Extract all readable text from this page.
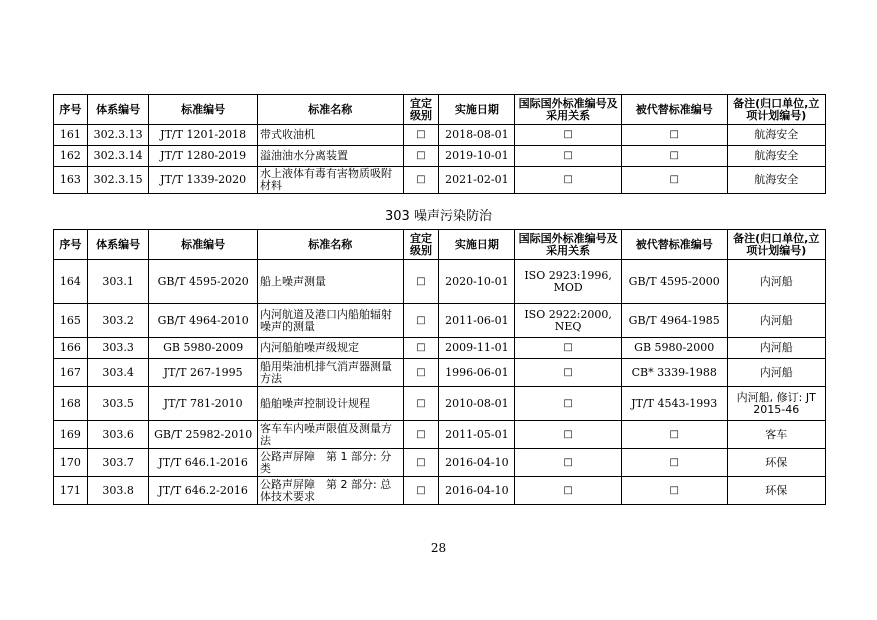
序号	体系编号	标准编号	标准名称	宜定级别	实施日期	国际国外标准编号及采用关系	被代替标准编号	备注(归口单位,立项计划编号)
161	302.3.13	JT/T 1201-2018	带式收油机	□	2018-08-01	□	□	航海安全
162	302.3.14	JT/T 1280-2019	溢油油水分离装置	□	2019-10-01	□	□	航海安全
163	302.3.15	JT/T 1339-2020	水上液体有毒有害物质吸附材料	□	2021-02-01	□	□	航海安全
303 噪声污染防治
序号	体系编号	标准编号	标准名称	宜定级别	实施日期	国际国外标准编号及采用关系	被代替标准编号	备注(归口单位,立项计划编号)
164	303.1	GB/T 4595-2020	船上噪声测量	□	2020-10-01	ISO 2923:1996, MOD	GB/T 4595-2000	内河船
165	303.2	GB/T 4964-2010	内河航道及港口内船舶辐射噪声的测量	□	2011-06-01	ISO 2922:2000, NEQ	GB/T 4964-1985	内河船
166	303.3	GB 5980-2009	内河船舶噪声级规定	□	2009-11-01	□	GB 5980-2000	内河船
167	303.4	JT/T 267-1995	船用柴油机排气消声器测量方法	□	1996-06-01	□	CB* 3339-1988	内河船
168	303.5	JT/T 781-2010	船舶噪声控制设计规程	□	2010-08-01	□	JT/T 4543-1993	内河船, 修订: JT 2015-46
169	303.6	GB/T 25982-2010	客车车内噪声限值及测量方法	□	2011-05-01	□	□	客车
170	303.7	JT/T 646.1-2016	公路声屏障　第 1 部分: 分类	□	2016-04-10	□	□	环保
171	303.8	JT/T 646.2-2016	公路声屏障　第 2 部分: 总体技术要求	□	2016-04-10	□	□	环保
28
